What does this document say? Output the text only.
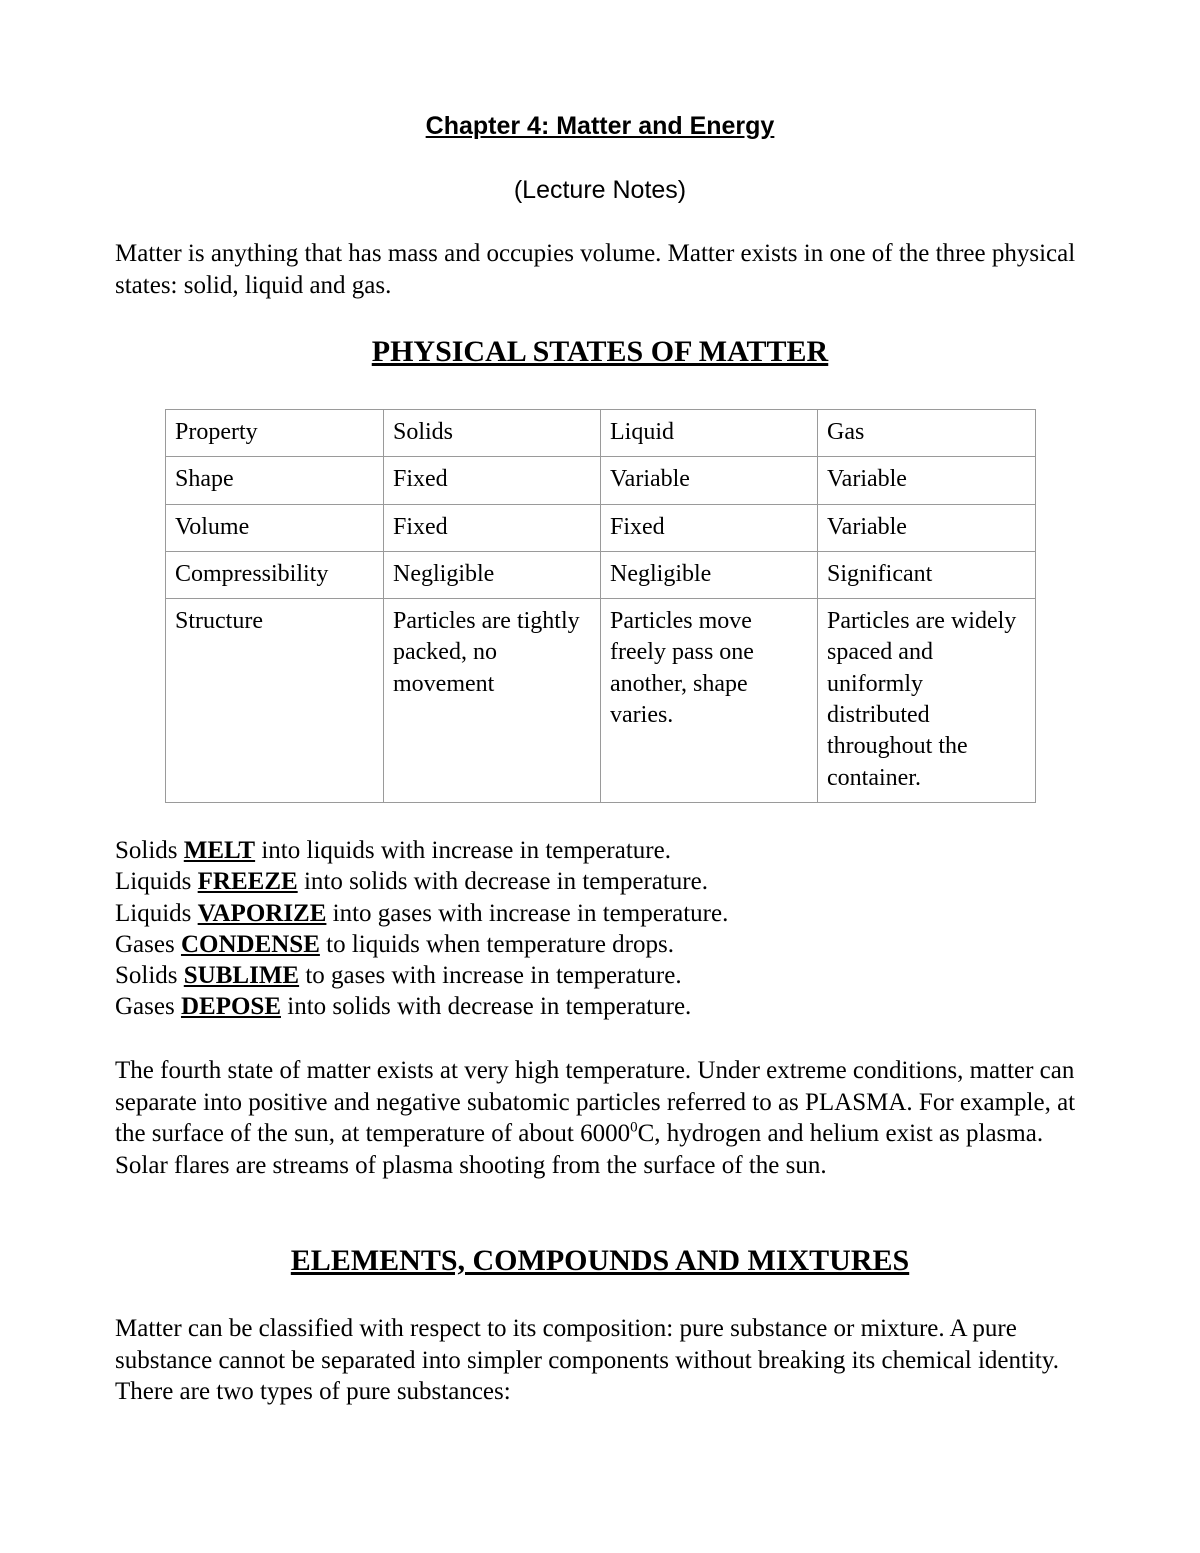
Chapter 4: Matter and Energy
(Lecture Notes)

Matter is anything that has mass and occupies volume. Matter exists in one of the three physical states: solid, liquid and gas.

PHYSICAL STATES OF MATTER
Property	Solids	Liquid	Gas
Shape	Fixed	Variable	Variable
Volume	Fixed	Fixed	Variable
Compressibility	Negligible	Negligible	Significant
Structure	Particles are tightly packed, no movement	Particles move freely pass one another, shape varies.	Particles are widely spaced and uniformly distributed throughout the container.
Solids MELT into liquids with increase in temperature.
Liquids FREEZE into solids with decrease in temperature.
Liquids VAPORIZE into gases with increase in temperature.
Gases CONDENSE to liquids when temperature drops.
Solids SUBLIME to gases with increase in temperature.
Gases DEPOSE into solids with decrease in temperature.

The fourth state of matter exists at very high temperature. Under extreme conditions, matter can separate into positive and negative subatomic particles referred to as PLASMA. For example, at the surface of the sun, at temperature of about 6000$^0$C, hydrogen and helium exist as plasma. Solar flares are streams of plasma shooting from the surface of the sun.

ELEMENTS, COMPOUNDS AND MIXTURES

Matter can be classified with respect to its composition: pure substance or mixture. A pure substance cannot be separated into simpler components without breaking its chemical identity. There are two types of pure substances:
